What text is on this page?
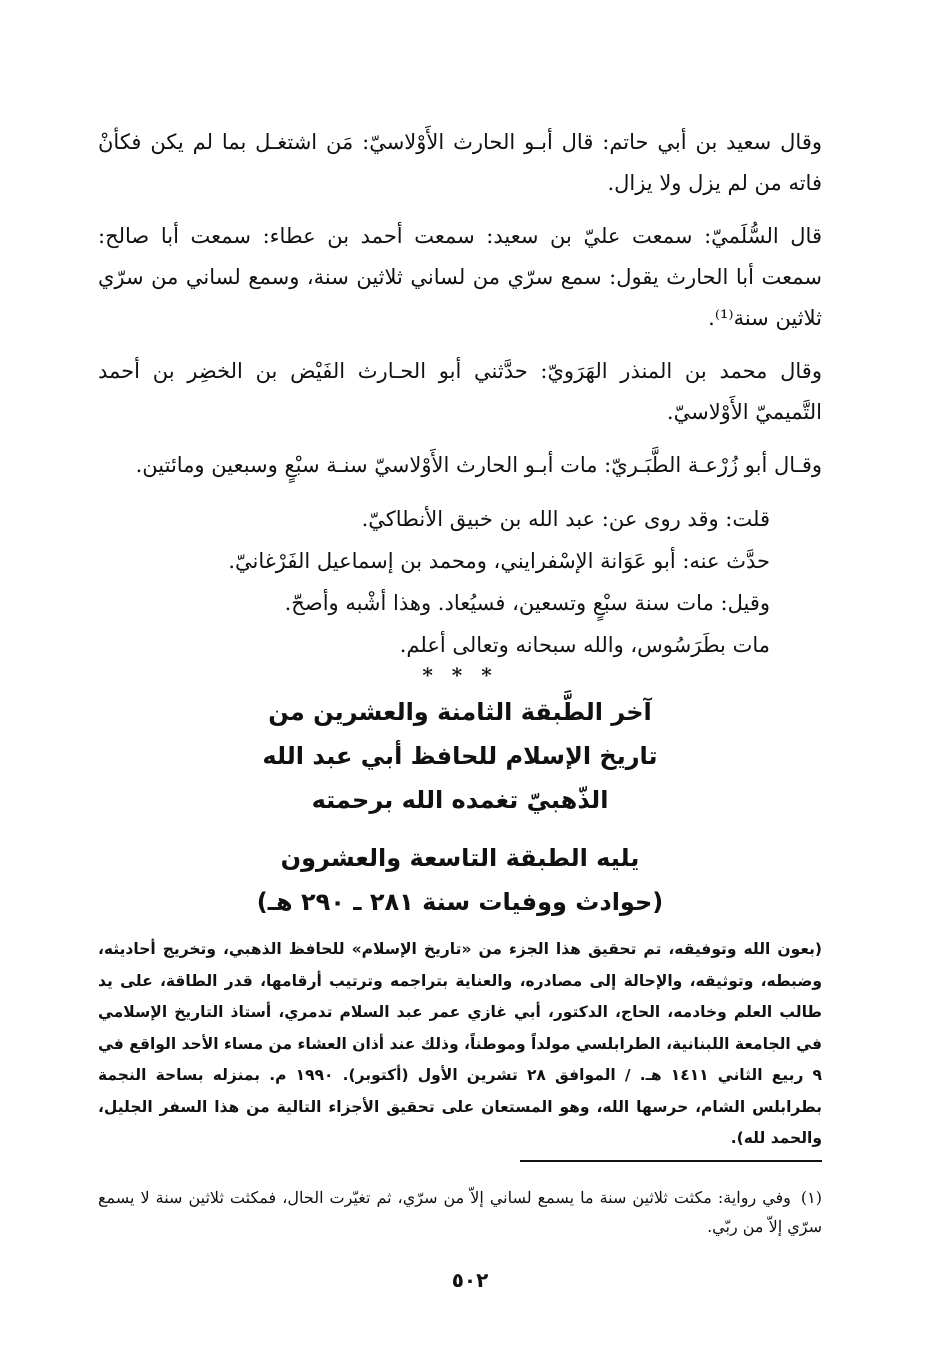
وقال سعيد بن أبي حاتم: قال أبـو الحارث الأَوْلاسيّ: مَن اشتغـل بما لم يكن فكأنْ فاته من لم يزل ولا يزال.

قال السُّلَميّ: سمعت عليّ بن سعيد: سمعت أحمد بن عطاء: سمعت أبا صالح: سمعت أبا الحارث يقول: سمع سرّي من لساني ثلاثين سنة، وسمع لساني من سرّي ثلاثين سنة⁽¹⁾.

وقال محمد بن المنذر الهَرَويّ: حدَّثني أبو الحـارث الفَيْض بن الخضِر بن أحمد التَّميميّ الأَوْلاسيّ.

وقـال أبو زُرْعـة الطَّبَـريّ: مات أبـو الحارث الأَوْلاسيّ سنـة سبْعٍ وسبعين ومائتين.

قلت: وقد روى عن: عبد الله بن خبيق الأنطاكيّ.

حدَّث عنه: أبو عَوَانة الإسْفرايني، ومحمد بن إسماعيل الفَرْغانيّ.

وقيل: مات سنة سبْعٍ وتسعين، فسيُعاد. وهذا أشْبه وأصحّ.

مات بطَرَسُوس، والله سبحانه وتعالى أعلم.

* * *

آخر الطَّبقة الثامنة والعشرين من

تاريخ الإسلام للحافظ أبي عبد الله

الذّهبيّ تغمده الله برحمته

يليه الطبقة التاسعة والعشرون

(حوادث ووفيات سنة ٢٨١ ـ ٢٩٠ هـ)

(بعون الله وتوفيقه، تم تحقيق هذا الجزء من «تاريخ الإسلام» للحافظ الذهبي، وتخريج أحاديثه، وضبطه، وتوثيقه، والإحالة إلى مصادره، والعناية بتراجمه وترتيب أرقامها، قدر الطاقة، على يد طالب العلم وخادمه، الحاج، الدكتور، أبي غازي عمر عبد السلام تدمري، أستاذ التاريخ الإسلامي في الجامعة اللبنانية، الطرابلسي مولداً وموطناً، وذلك عند أذان العشاء من مساء الأحد الواقع في ٩ ربيع الثاني ١٤١١ هـ. / الموافق ٢٨ تشرين الأول (أكتوبر). ١٩٩٠ م. بمنزله بساحة النجمة بطرابلس الشام، حرسها الله، وهو المستعان على تحقيق الأجزاء التالية من هذا السفر الجليل، والحمد لله).

(١)وفي رواية: مكثت ثلاثين سنة ما يسمع لساني إلاّ من سرّي، ثم تغيّرت الحال، فمكثت ثلاثين سنة لا يسمع سرّي إلاّ من ربّي.
٥٠٢
